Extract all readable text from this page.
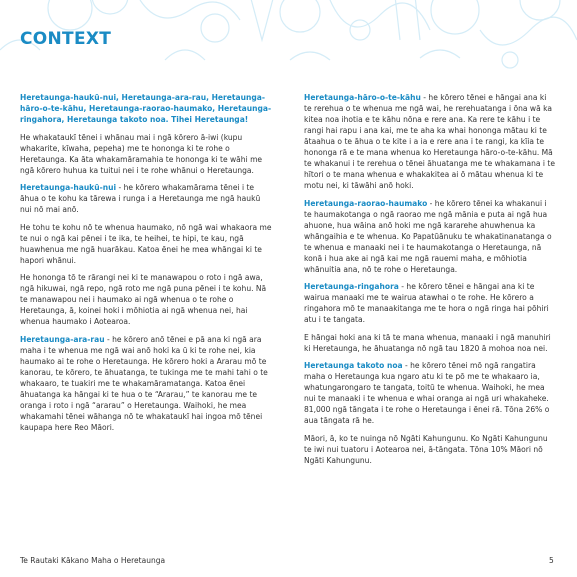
CONTEXT

Heretaunga-haukū-nui, Heretaunga-ara-rau, Heretaunga-hāro-o-te-kāhu, Heretaunga-raorao-haumako, Heretaunga-ringahora, Heretaunga takoto noa. Tihei Heretaunga!

He whakataukī tēnei i whānau mai i ngā kōrero ā-iwi (kupu whakarite, kīwaha, pepeha) me te hononga ki te rohe o Heretaunga. Ka āta whakamāramahia te hononga ki te wāhi me ngā kōrero huhua ka tuitui nei i te rohe whānui o Heretaunga.

Heretaunga-haukū-nui - he kōrero whakamārama tēnei i te āhua o te kohu ka tārewa i runga i a Heretaunga me ngā haukū nui nō mai anō.

He tohu te kohu nō te whenua haumako, nō ngā wai whakaora me te nui o ngā kai pēnei i te ika, te heihei, te hipi, te kau, ngā huawhenua me ngā huarākau. Katoa ēnei he mea whāngai ki te hapori whānui.

He hononga tō te rārangi nei ki te manawapou o roto i ngā awa, ngā hikuwai, ngā repo, ngā roto me ngā puna pēnei i te kohu. Nā te manawapou nei i haumako ai ngā whenua o te rohe o Heretaunga, ā, koinei hoki i mōhiotia ai ngā whenua nei, hai whenua haumako i Aotearoa.

Heretaunga-ara-rau - he kōrero anō tēnei e pā ana ki ngā ara maha i te whenua me ngā wai anō hoki ka ū ki te rohe nei, kia haumako ai te rohe o Heretaunga. He kōrero hoki a Ararau mō te kanorau, te kōrero, te āhuatanga, te tukinga me te mahi tahi o te whakaaro, te tuakiri me te whakamāramatanga. Katoa ēnei āhuatanga ka hāngai ki te hua o te “Ararau,” te kanorau me te oranga i roto i ngā “ararau” o Heretaunga. Waihoki, he mea whakamahi tēnei wāhanga nō te whakataukī hai ingoa mō tēnei kaupapa here Reo Māori.

Heretaunga-hāro-o-te-kāhu - he kōrero tēnei e hāngai ana ki te rerehua o te whenua me ngā wai, he rerehuatanga i ōna wā ka kitea noa ihotia e te kāhu nōna e rere ana. Ka rere te kāhu i te rangi hai rapu i ana kai, me te aha ka whai hononga mātau ki te ātaahua o te āhua o te kite i a ia e rere ana i te rangi, ka kīia te hononga rā e te mana whenua ko Heretaunga hāro-o-te-kāhu. Mā te whakanui i te rerehua o tēnei āhuatanga me te whakamana i te hītori o te mana whenua e whakakitea ai ō mātau whenua ki te motu nei, ki tāwāhi anō hoki.

Heretaunga-raorao-haumako - he kōrero tēnei ka whakanui i te haumakotanga o ngā raorao me ngā mānia e puta ai ngā hua ahuone, hua wāina anō hoki me ngā kararehe ahuwhenua ka whāngaihia e te whenua. Ko Papatūānuku te whakatinanatanga o te whenua e manaaki nei i te haumakotanga o Heretaunga, nā konā i hua ake ai ngā kai me ngā rauemi maha, e mōhiotia whānuitia ana, nō te rohe o Heretaunga.

Heretaunga-ringahora - he kōrero tēnei e hāngai ana ki te wairua manaaki me te wairua atawhai o te rohe. He kōrero a ringahora mō te manaakitanga me te hora o ngā ringa hai pōhiri atu i te tangata.

E hāngai hoki ana ki tā te mana whenua, manaaki i ngā manuhiri ki Heretaunga, he āhuatanga nō ngā tau 1820 ā mohoa noa nei.

Heretaunga takoto noa - he kōrero tēnei mō ngā rangatira maha o Heretaunga kua ngaro atu ki te pō me te whakaaro ia, whatungarongaro te tangata, toitū te whenua. Waihoki, he mea nui te manaaki i te whenua e whai oranga ai ngā uri whakaheke. 81,000 ngā tāngata i te rohe o Heretaunga i ēnei rā. Tōna 26% o aua tāngata rā he.

Māori, ā, ko te nuinga nō Ngāti Kahungunu. Ko Ngāti Kahungunu te iwi nui tuatoru i Aotearoa nei, ā-tāngata. Tōna 10% Māori nō Ngāti Kahungunu.

Te Rautaki Kākano Maha o Heretaunga	5
